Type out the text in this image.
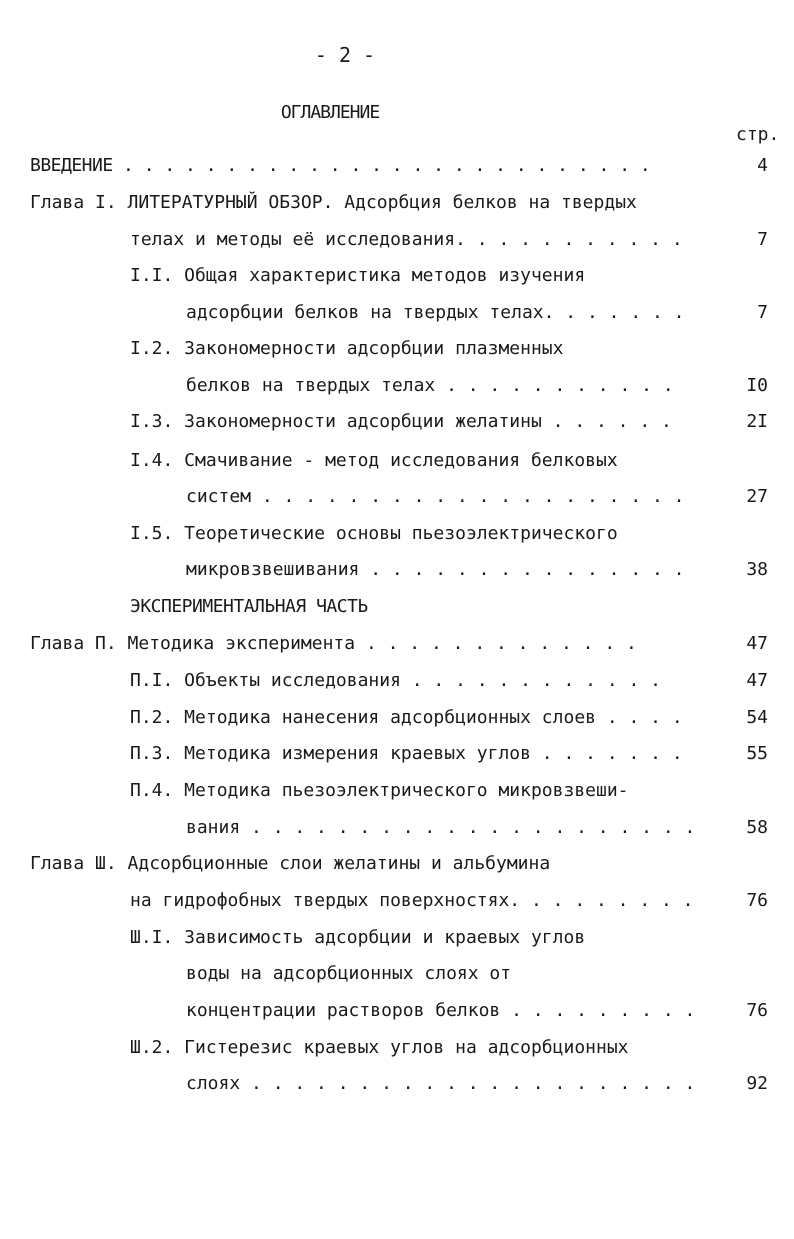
- 2 -
ОГЛАВЛЕНИЕ
стр.
ВВЕДЕНИЕ . . . . . . . . . . . . . . . . . . . . . . . . . .	4
Глава I. ЛИТЕРАТУРНЫЙ ОБЗОР. Адсорбция белков на твердых
телах и методы её исследования. . . . . . . . . . .	7
I.I. Общая характеристика методов изучения
адсорбции белков на твердых телах. . . . . . .	7
I.2. Закономерности адсорбции плазменных
белков на твердых телах . . . . . . . . . . .	I0
I.3. Закономерности адсорбции желатины . . . . . .	2I
I.4. Смачивание - метод исследования белковых
систем . . . . . . . . . . . . . . . . . . . .	27
I.5. Теоретические основы пьезоэлектрического
микровзвешивания . . . . . . . . . . . . . . .	38
ЭКСПЕРИМЕНТАЛЬНАЯ ЧАСТЬ
Глава П. Методика эксперимента . . . . . . . . . . . . .	47
П.I. Объекты исследования . . . . . . . . . . . .	47
П.2. Методика нанесения адсорбционных слоев . . . .	54
П.3. Методика измерения краевых углов . . . . . . .	55
П.4. Методика пьезоэлектрического микровзвеши-
вания . . . . . . . . . . . . . . . . . . . . .	58
Глава Ш. Адсорбционные слои желатины и альбумина
на гидрофобных твердых поверхностях. . . . . . . . .	76
Ш.I. Зависимость адсорбции и краевых углов
воды на адсорбционных слоях от
концентрации растворов белков . . . . . . . . .	76
Ш.2. Гистерезис краевых углов на адсорбционных
слоях . . . . . . . . . . . . . . . . . . . . .	92
